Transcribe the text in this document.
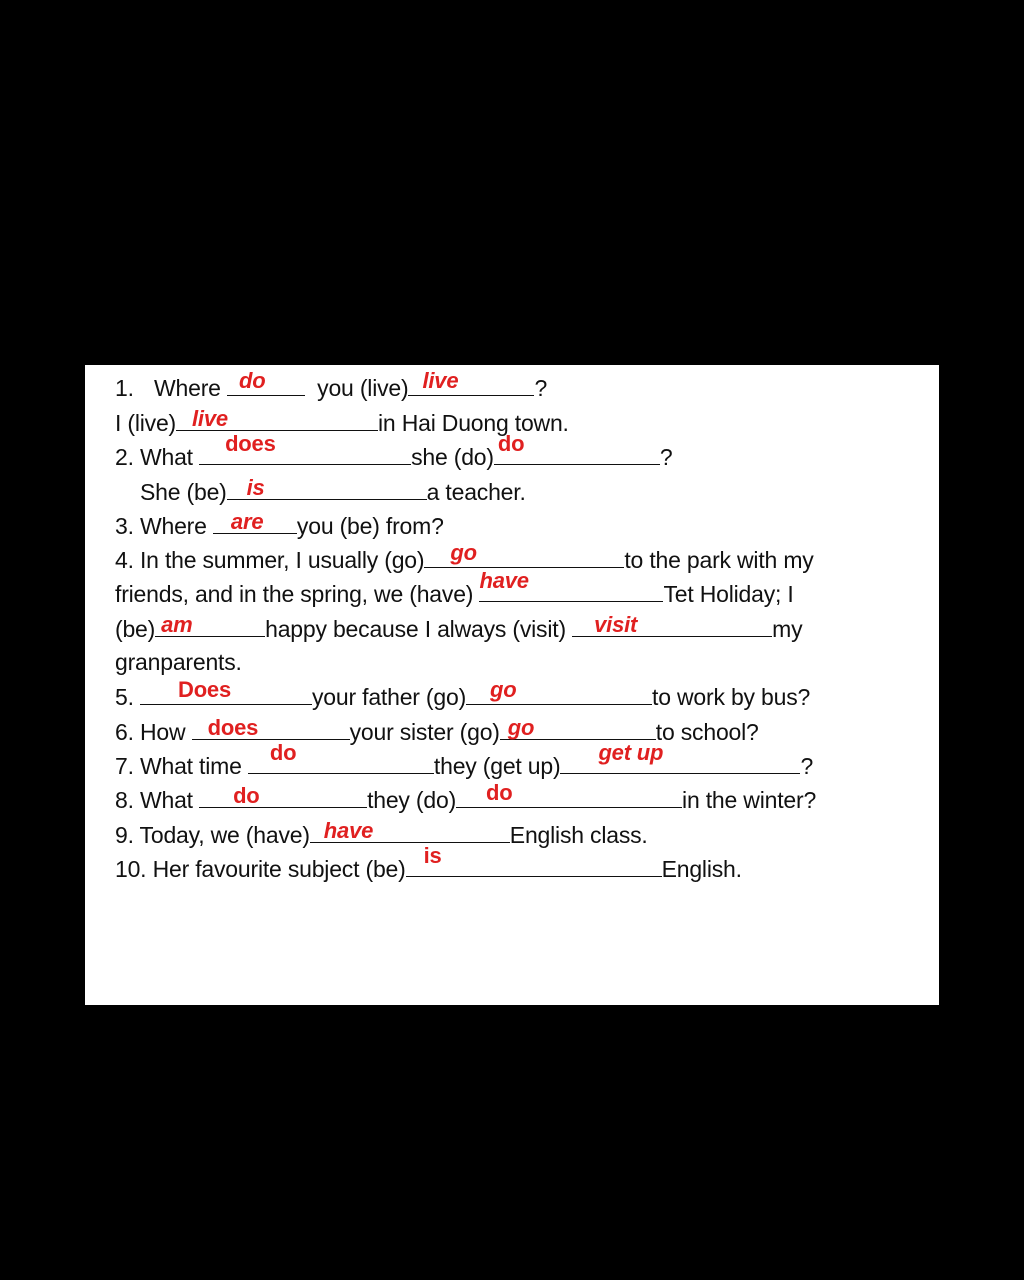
1. Where do	you (live) live	?
I (live) live	in Hai Duong town.
2. What
does
she (do)
do
?
She (be) is	a teacher.
3. Where are	you (be) from?
4. In the summer, I usually (go) go	to the park with my
friends, and in the spring, we (have)
have
Tet Holiday; I
(be) am	happy because I always (visit) visit	my
granparents.
5. Does	your father (go) go	to work by bus?
6. How does	your sister (go) go	to school?
7. What time
do
they (get up)
get up
?
8. What do	they (do) do	in the winter?
9. Today, we (have) have	English class.
10. Her favourite subject (be)
is
English.
